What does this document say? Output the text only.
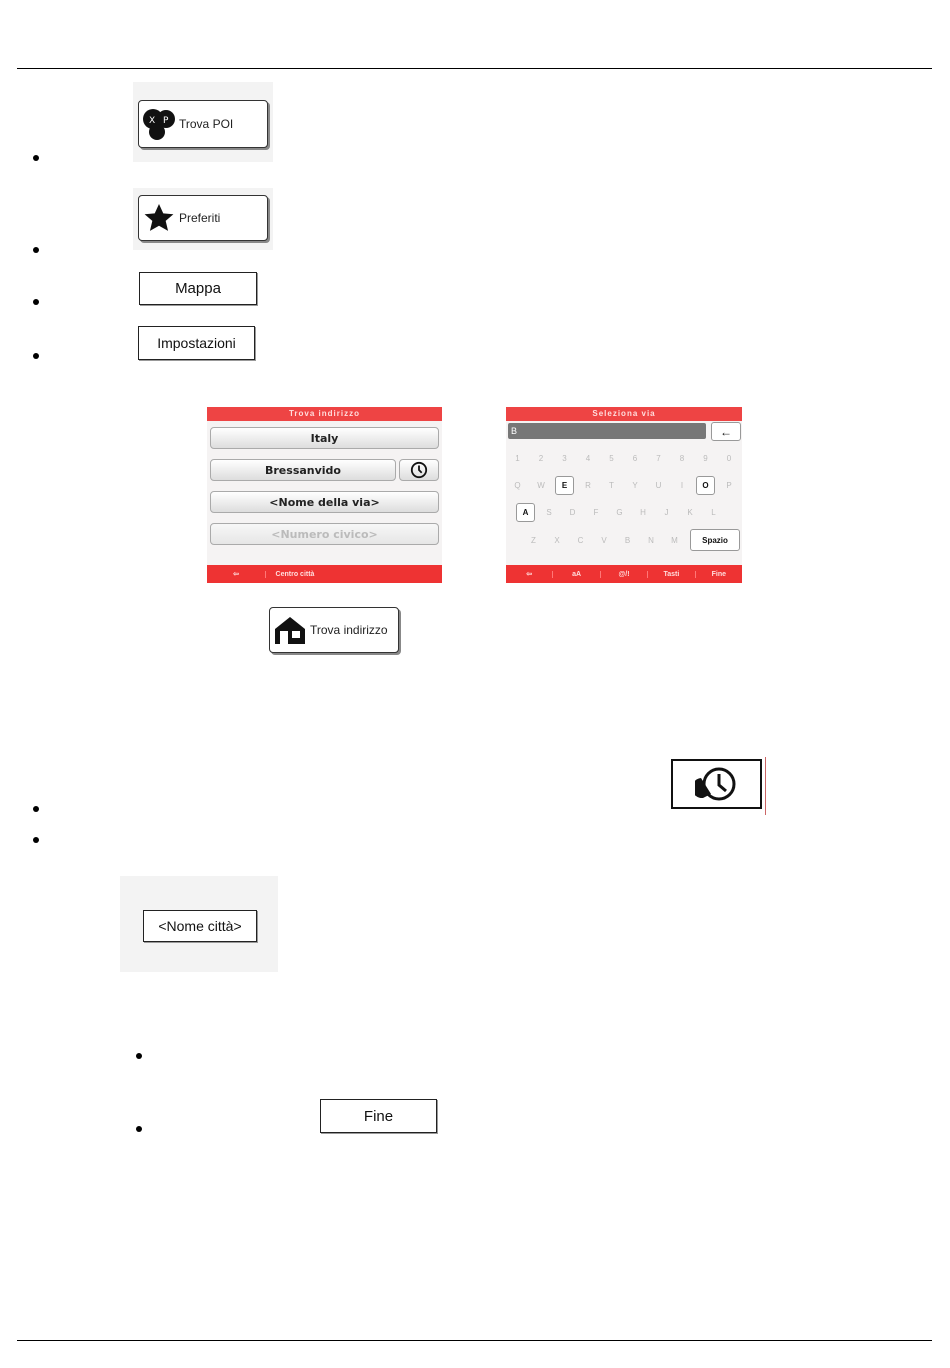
X P Trova POI
Preferiti
Mappa
Impostazioni
Trova indirizzo
Italy
Bressanvido
<Nome della via>
<Numero civico>
⇦	Centro città
Seleziona via
B	←
1	2	3	4	5	6	7	8	9	0
Q	W	E	R	T	Y	U	I	O	P
A	S	D	F	G	H	J	K	L
Z	X	C	V	B	N	M	Spazio
⇦	aA	@/!	Tasti	Fine
Trova indirizzo
<Nome città>
Fine
